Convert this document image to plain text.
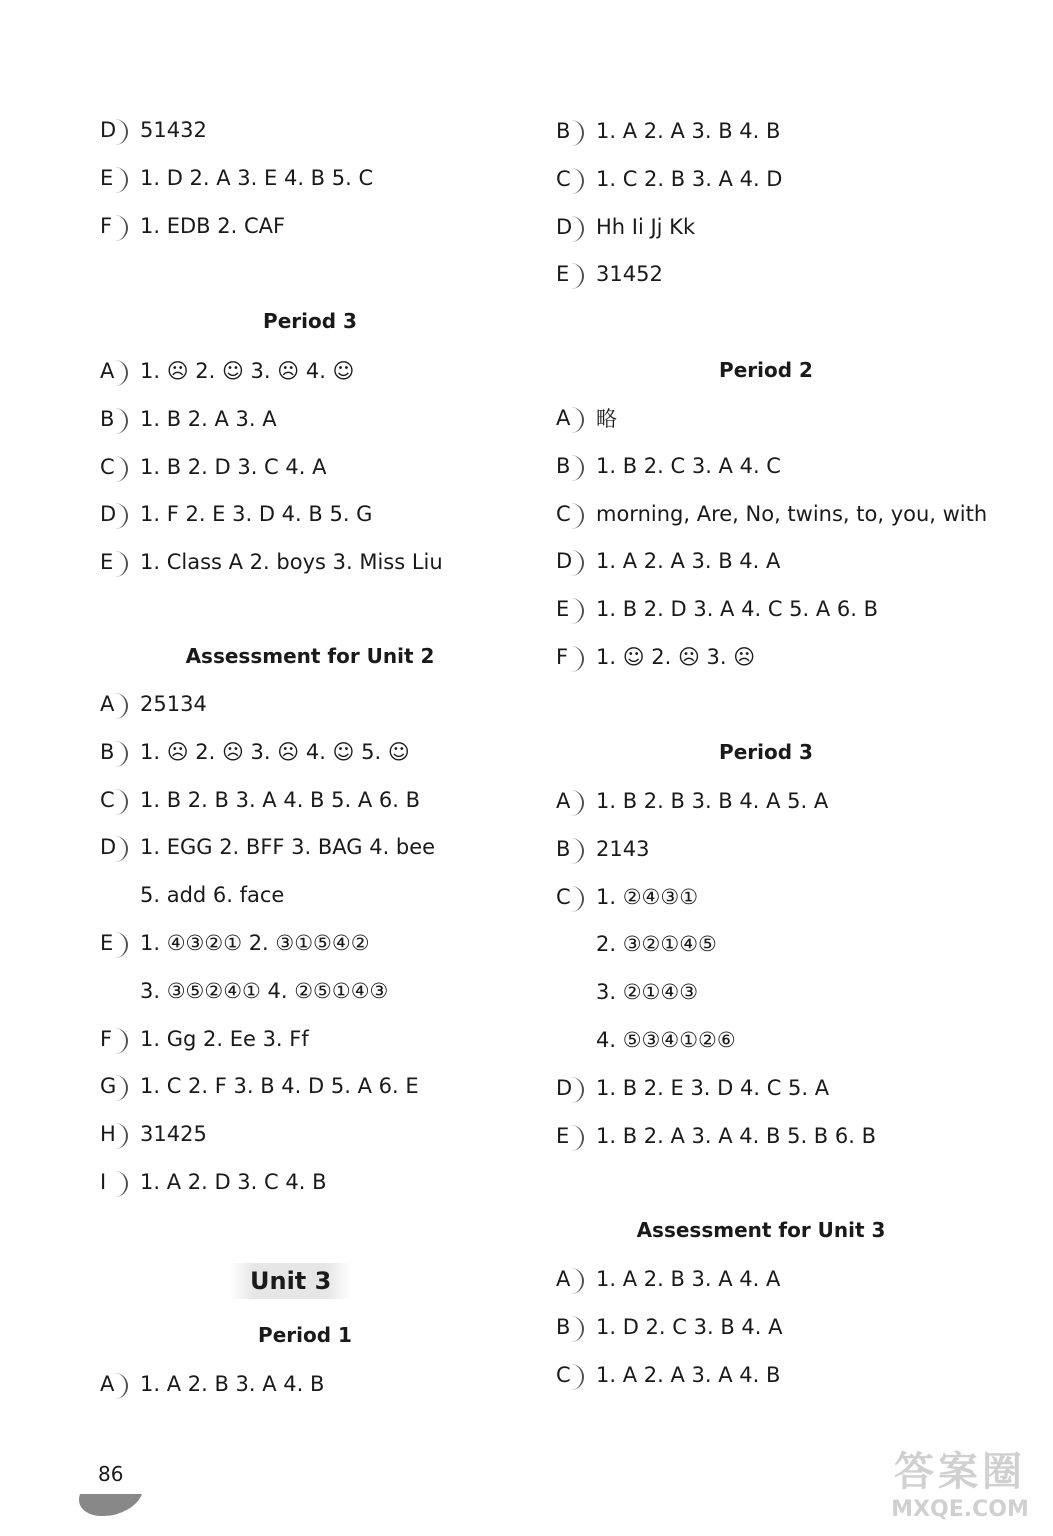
D	51432
E	1. D 2. A 3. E 4. B 5. C
F	1. EDB 2. CAF
Period 3
A	1. ☹ 2. ☺ 3. ☹ 4. ☺
B	1. B 2. A 3. A
C	1. B 2. D 3. C 4. A
D	1. F 2. E 3. D 4. B 5. G
E	1. Class A 2. boys 3. Miss Liu
Assessment for Unit 2
A	25134
B	1. ☹ 2. ☹ 3. ☹ 4. ☺ 5. ☺
C	1. B 2. B 3. A 4. B 5. A 6. B
D	1. EGG 2. BFF 3. BAG 4. bee
5. add 6. face
E	1. ④③②① 2. ③①⑤④②
3. ③⑤②④① 4. ②⑤①④③
F	1. Gg 2. Ee 3. Ff
G	1. C 2. F 3. B 4. D 5. A 6. E
H	31425
I	1. A 2. D 3. C 4. B
Unit 3
Period 1
A	1. A 2. B 3. A 4. B
B	1. A 2. A 3. B 4. B
C	1. C 2. B 3. A 4. D
D	Hh Ii Jj Kk
E	31452
Period 2
A	略
B	1. B 2. C 3. A 4. C
C	morning, Are, No, twins, to, you, with
D	1. A 2. A 3. B 4. A
E	1. B 2. D 3. A 4. C 5. A 6. B
F	1. ☺ 2. ☹ 3. ☹
Period 3
A	1. B 2. B 3. B 4. A 5. A
B	2143
C	1. ②④③①
2. ③②①④⑤
3. ②①④③
4. ⑤③④①②⑥
D	1. B 2. E 3. D 4. C 5. A
E	1. B 2. A 3. A 4. B 5. B 6. B
Assessment for Unit 3
A	1. A 2. B 3. A 4. A
B	1. D 2. C 3. B 4. A
C	1. A 2. A 3. A 4. B
86	答案圈
MXQE.COM
